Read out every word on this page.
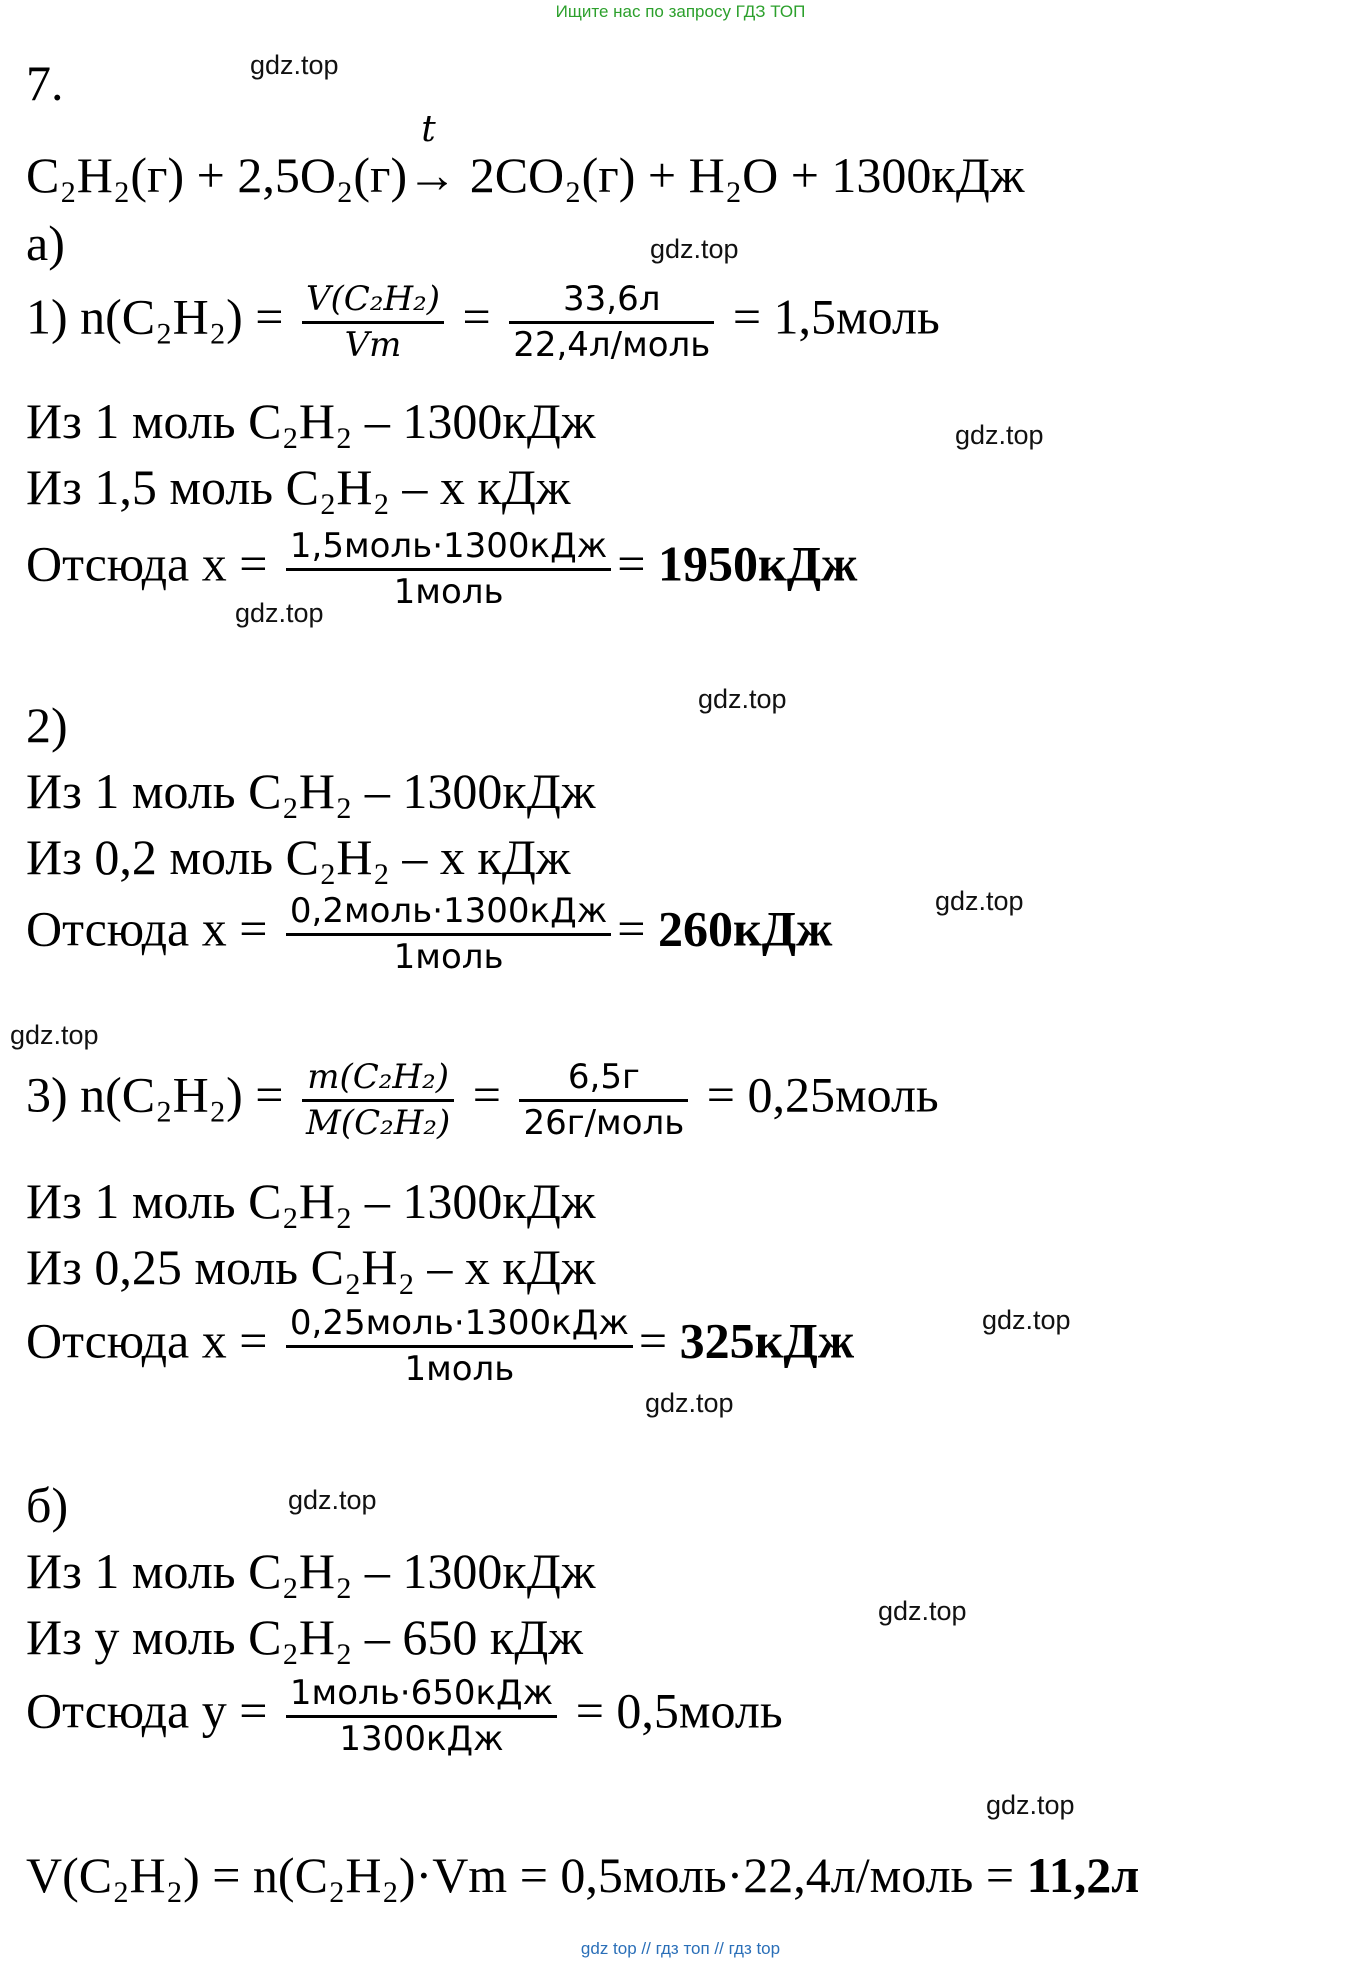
Ищите нас по запросу ГДЗ ТОП
gdz.top
gdz.top
gdz.top
gdz.top
gdz.top
gdz.top
gdz.top
gdz.top
gdz.top
gdz.top
gdz.top
gdz.top
7.
C₂H₂(г) + 2,5O₂(г)
t
→ 2CO₂(г) + H₂O + 1300кДж
а)
1) $n(C_2H_2) = \frac{\text{V(C₂H₂)}}{Vm} = \frac{33,6л}{\text{22,4л/моль}}$ = 1,5моль
Из 1 моль C₂H₂ – 1300кДж
Из 1,5 моль C₂H₂ – х кДж
Отсюда $х = \frac{\text{1,5моль·1300кДж}}{\text{1моль}} = 1950кДж$
2)
Из 1 моль C₂H₂ – 1300кДж
Из 0,2 моль C₂H₂ – х кДж
Отсюда $х = \frac{\text{0,2моль·1300кДж}}{\text{1моль}} = 260кДж$
3) $n(C_2H_2) = \frac{\text{m(C₂H₂)}}{\text{M(C₂H₂)}} = \frac{6,5г}{\text{26г/моль}}$ = 0,25моль
Из 1 моль C₂H₂ – 1300кДж
Из 0,25 моль C₂H₂ – х кДж
Отсюда $х = \frac{\text{0,25моль·1300кДж}}{\text{1моль}} = 325кДж$
б)
Из 1 моль C₂H₂ – 1300кДж
Из у моль C₂H₂ – 650 кДж
Отсюда $у = \frac{\text{1моль·650кДж}}{\text{1300кДж}}$ = 0,5моль
V(C₂H₂) = n(C₂H₂)·Vm = 0,5моль·22,4л/моль = 11,2л
gdz top // гдз топ // гдз top
